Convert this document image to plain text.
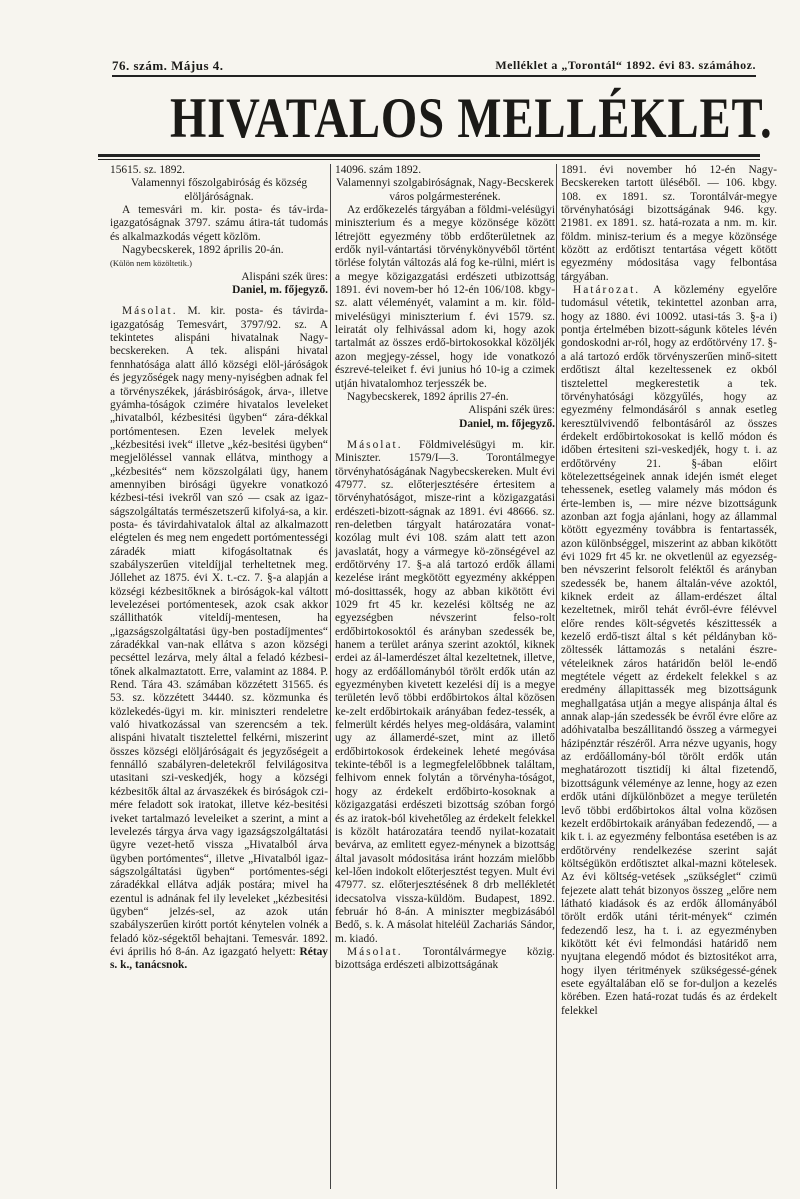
76. szám. Május 4.	Melléklet a „Torontál“ 1892. évi 83. számához.
HIVATALOS MELLÉKLET.

15615. sz. 1892.

Valamennyi főszolgabiróság és község elöljáróságnak.

A temesvári m. kir. posta- és táv-irda-igazgatóságnak 3797. számu átira-tát tudomás és alkalmazkodás végett közlöm.

Nagybecskerek, 1892 április 20-án.

(Külön nem közöltetik.)

Alispáni szék üres:

Daniel, m. főjegyző.

Másolat. M. kir. posta- és távirda-igazgatóság Temesvárt, 3797/92. sz. A tekintetes alispáni hivatalnak Nagy-becskereken. A tek. alispáni hivatal fennhatósága alatt álló községi elöl-járóságok és jegyzőségek nagy meny-nyiségben adnak fel a törvényszékek, járásbiróságok, árva-, illetve gyámha-tóságok czimére hivatalos leveleket „hivatalból, kézbesitési ügyben“ zára-dékkal portómentesen. Ezen levelek melyek „kézbesitési ivek“ illetve „kéz-besitési ügyben“ megjelöléssel vannak ellátva, minthogy a „kézbesités“ nem közszolgálati ügy, hanem amennyiben birósági ügyekre vonatkozó kézbesi-tési ivekről van szó — csak az igaz-ságszolgáltatás természetszerű kifolyá-sa, a kir. posta- és távirdahivatalok által az alkalmazott elégtelen és meg nem engedett portómentességi záradék miatt kifogásoltatnak és szabályszerűen viteldíjjal terheltetnek meg. Jóllehet az 1875. évi X. t.-cz. 7. §-a alapján a községi kézbesitőknek a biróságok-kal váltott levelezései portómentesek, azok csak akkor szállithatók viteldíj-mentesen, ha „igazságszolgáltatási ügy-ben postadíjmentes“ záradékkal van-nak ellátva s azon községi pecséttel lezárva, mely által a feladó kézbesi-tőnek alkalmaztatott. Erre, valamint az 1884. P. Rend. Tára 43. számában közzétett 31565. és 53. sz. közzétett 34440. sz. közmunka és közlekedés-ügyi m. kir. miniszteri rendeletre való hivatkozással van szerencsém a tek. alispáni hivatalt tisztelettel felkérni, miszerint összes községi elöljáróságait és jegyzőségeit a fennálló szabályren-deletekről felvilágositva utasitani szi-veskedjék, hogy a községi kézbesitők által az árvaszékek és biróságok czi-mére feladott sok iratokat, illetve kéz-besitési iveket tartalmazó leveleiket a szerint, a mint a levelezés tárgya árva vagy igazságszolgáltatási ügyre vezet-hető vissza „Hivatalból árva ügyben portómentes“, illetve „Hivatalból igaz-ságszolgáltatási ügyben“ portómentes-ségi záradékkal ellátva adják postára; mivel ha ezentul is adnának fel ily leveleket „kézbesitési ügyben“ jelzés-sel, az azok után szabályszerűen kirótt portót kénytelen volnék a feladó köz-ségektől behajtani. Temesvár. 1892. évi április hó 8-án. Az igazgató helyett: Rétay s. k., tanácsnok.

14096. szám 1892.

Valamennyi szolgabiróságnak, Nagy-Becskerek város polgármesterének.

Az erdőkezelés tárgyában a földmi-velésügyi miniszterium és a megye közönsége között létrejött egyezmény több erdőterületnek az erdők nyil-vántartási törvénykönyvéből történt törlése folytán változás alá fog ke-rülni, miért is a megye közigazgatási erdészeti utbizottság 1891. évi novem-ber hó 12-én 106/108. kbgy- sz. alatt véleményét, valamint a m. kir. föld-mivelésügyi miniszterium f. évi 1579. sz. leiratát oly felhivással adom ki, hogy azok tartalmát az összes erdő-birtokosokkal közöljék azon megjegy-zéssel, hogy ide vonatkozó észrevé-teleiket f. évi junius hó 10-ig a czimek utján hivatalomhoz terjesszék be.

Nagybecskerek, 1892 április 27-én.

Alispáni szék üres:

Daniel, m. főjegyző.

Másolat. Földmivelésügyi m. kir. Miniszter. 1579/I—3. Torontálmegye törvényhatóságának Nagybecskereken. Mult évi 47977. sz. előterjesztésére értesitem a törvényhatóságot, misze-rint a közigazgatási erdészeti-bizott-ságnak az 1891. évi 48666. sz. ren-deletben tárgyalt határozatára vonat-kozólag mult évi 108. szám alatt tett azon javaslatát, hogy a vármegye kö-zönségével az erdőtörvény 17. §-a alá tartozó erdők állami kezelése iránt megkötött egyezmény akképpen mó-dosittassék, hogy az abban kikötött évi 1029 frt 45 kr. kezelési költség ne az egyezségben névszerint felso-rolt erdőbirtokosoktól és arányban szedessék be, hanem a terület aránya szerint azoktól, kiknek erdei az ál-lamerdészet által kezeltetnek, illetve, hogy az erdőállományból törölt erdők után az egyezményben kivetett kezelési díj is a megye területén levő többi erdőbirtokos által közösen ke-zelt erdőbirtokaik arányában fedez-tessék, a felmerült kérdés helyes meg-oldására, valamint ugy az államerdé-szet, mint az illető erdőbirtokosok érdekeinek leheté megóvása tekinte-téből is a legmegfelelőbbnek találtam, felhivom ennek folytán a törvényha-tóságot, hogy az érdekelt erdőbirto-kosoknak a közigazgatási erdészeti bizottság szóban forgó és az iratok-ból kivehetőleg az érdekelt felekkel is közölt határozatára teendő nyilat-kozatait bevárva, az emlitett egyez-ménynek a bizottság által javasolt módositása iránt hozzám mielőbb kel-lően indokolt előterjesztést tegyen. Mult évi 47977. sz. előterjesztésének 8 drb mellékletét idecsatolva vissza-küldöm. Budapest, 1892. február hó 8-án. A miniszter megbizásából Bedő, s. k. A másolat hiteléül Zachariás Sándor, m. kiadó.

Másolat. Torontálvármegye közig. bizottsága erdészeti albizottságának

1891. évi november hó 12-én Nagy-Becskereken tartott üléséből. — 106. kbgy. 108. ex 1891. sz. Torontálvár-megye törvényhatósági bizottságának 946. kgy. 21981. ex 1891. sz. hatá-rozata a nm. m. kir. földm. minisz-terium és a megye közönsége között az erdőtiszt tentartása végett kötött egyezmény módositása vagy felbontása tárgyában.

Határozat. A közlemény egyelőre tudomásul vétetik, tekintettel azonban arra, hogy az 1880. évi 10092. utasi-tás 3. §-a i) pontja értelmében bizott-ságunk köteles lévén gondoskodni ar-ról, hogy az erdőtörvény 17. §-a alá tartozó erdők törvényszerűen minő-sitett erdőtiszt által kezeltessenek ez okból tisztelettel megkerestetik a tek. törvényhatósági közgyűlés, hogy az egyezmény felmondásáról s annak esetleg keresztülvivendő felbontásáról az összes érdekelt erdőbirtokosokat is kellő módon és időben értesiteni szi-veskedjék, hogy t. i. az erdőtörvény 21. §-ában előirt kötelezettségeinek annak idején ismét eleget tehessenek, esetleg valamely más módon és érte-lemben is, — mire nézve bizottságunk azonban azt fogja ajánlani, hogy az állammal kötött egyezmény továbbra is fentartassék, azon különbséggel, miszerint az abban kikötött évi 1029 frt 45 kr. ne okvetlenül az egyezség-ben névszerint felsorolt feléktől és arányban szedessék be, hanem általán-véve azoktól, kiknek erdeit az állam-erdészet által kezeltetnek, miről tehát évről-évre félévvel előre rendes költ-ségvetés készittessék a kezelő erdő-tiszt által s két példányban kö-zöltessék láttamozás s netaláni észre-vételeiknek záros határidőn belöl le-endő megtétele végett az érdekelt felekkel s az eredmény állapittassék meg bizottságunk meghallgatása utján a megye alispánja által és annak alap-ján szedessék be évről évre előre az adóhivatalba beszállitandó összeg a vármegyei házipénztár részéről. Arra nézve ugyanis, hogy az erdőállomány-ból törölt erdők után meghatározott tisztidíj ki által fizetendő, bizottságunk véleménye az lenne, hogy az ezen erdők utáni díjkülönbözet a megye területén levő többi erdőbirtokos által volna közösen kezelt erdőbirtokaik arányában fedezendő, — a kik t. i. az egyezmény felbontása esetében is az erdőtörvény rendelkezése szerint saját költségükön erdőtisztet alkal-mazni kötelesek. Az évi költség-vetések „szükséglet“ czimü fejezete alatt tehát bizonyos összeg „előre nem látható kiadások és az erdők állományából törölt erdők utáni térit-mények“ czimén fedezendő lesz, ha t. i. az egyezményben kikötött két évi felmondási határidő nem nyujtana elegendő módot és biztositékot arra, hogy ilyen téritmények szükségessé-gének esete egyáltalában elő se for-duljon a kezelés körében. Ezen hatá-rozat tudás és az érdekelt felekkel
